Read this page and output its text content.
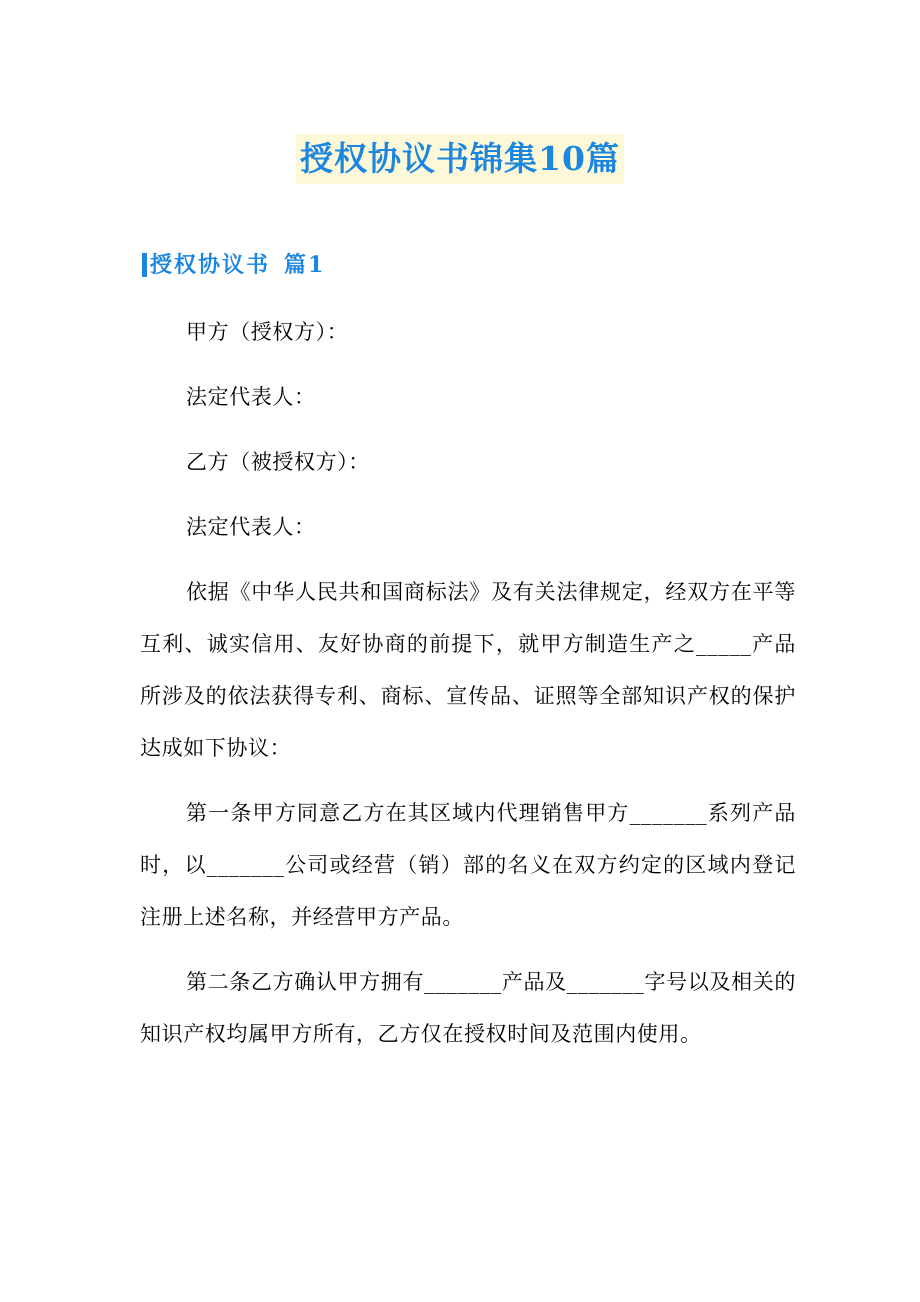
授权协议书锦集10篇
授权协议书 篇1

甲方（授权方）：

法定代表人：

乙方（被授权方）：

法定代表人：

依据《中华人民共和国商标法》及有关法律规定，经双方在平等互利、诚实信用、友好协商的前提下，就甲方制造生产之_____产品所涉及的依法获得专利、商标、宣传品、证照等全部知识产权的保护达成如下协议：

第一条甲方同意乙方在其区域内代理销售甲方_______系列产品时，以_______公司或经营（销）部的名义在双方约定的区域内登记注册上述名称，并经营甲方产品。

第二条乙方确认甲方拥有_______产品及_______字号以及相关的知识产权均属甲方所有，乙方仅在授权时间及范围内使用。
